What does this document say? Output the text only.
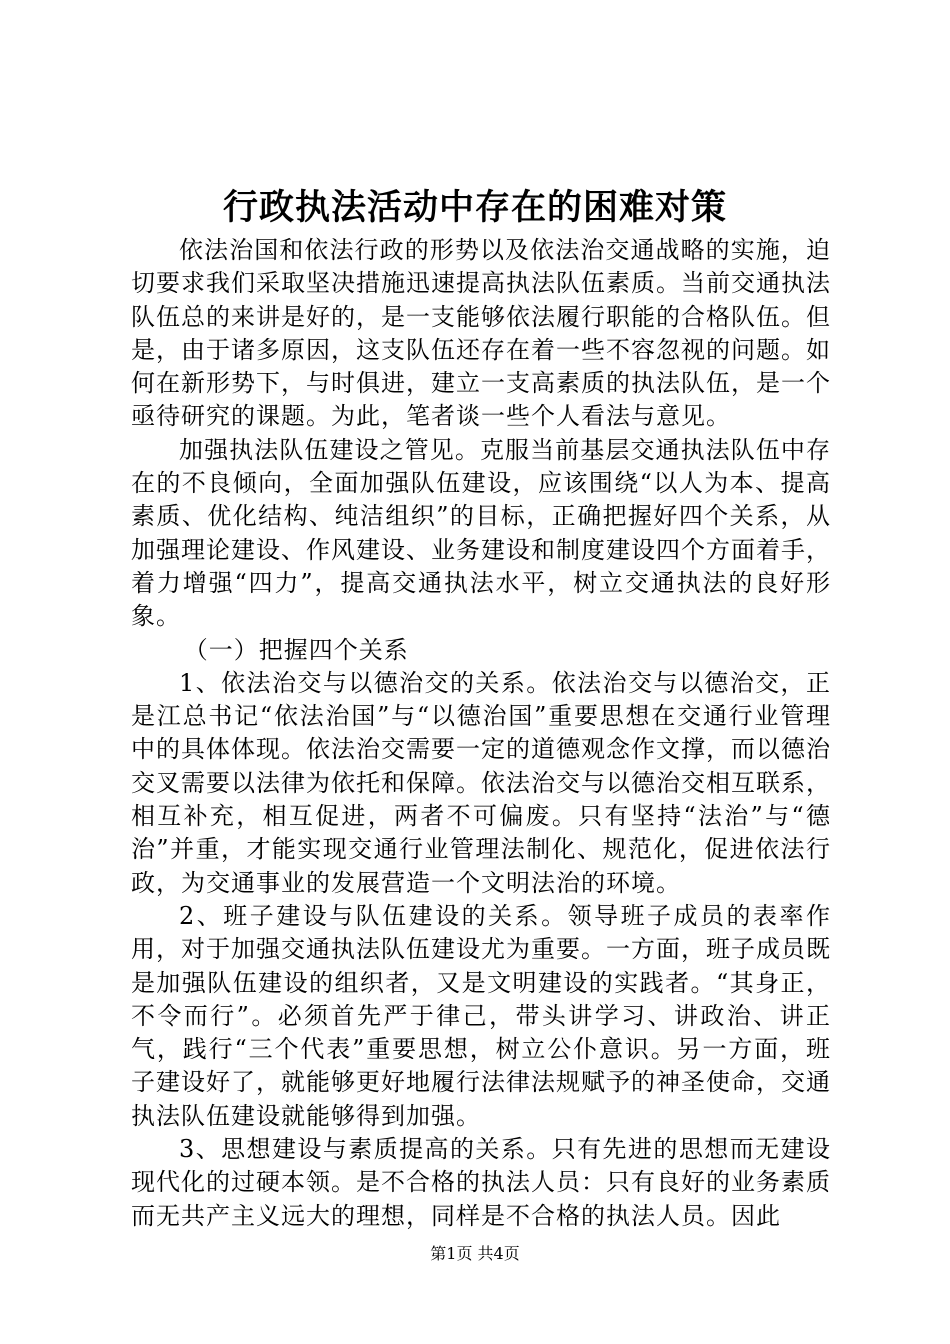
行政执法活动中存在的困难对策

依法治国和依法行政的形势以及依法治交通战略的实施，迫切要求我们采取坚决措施迅速提高执法队伍素质。当前交通执法队伍总的来讲是好的，是一支能够依法履行职能的合格队伍。但是，由于诸多原因，这支队伍还存在着一些不容忽视的问题。如何在新形势下，与时俱进，建立一支高素质的执法队伍，是一个亟待研究的课题。为此，笔者谈一些个人看法与意见。

加强执法队伍建设之管见。克服当前基层交通执法队伍中存在的不良倾向，全面加强队伍建设，应该围绕“以人为本、提高素质、优化结构、纯洁组织”的目标，正确把握好四个关系，从加强理论建设、作风建设、业务建设和制度建设四个方面着手，着力增强“四力”，提高交通执法水平，树立交通执法的良好形象。

（一）把握四个关系

1、依法治交与以德治交的关系。依法治交与以德治交，正是江总书记“依法治国”与“以德治国”重要思想在交通行业管理中的具体体现。依法治交需要一定的道德观念作文撑，而以德治交叉需要以法律为依托和保障。依法治交与以德治交相互联系，相互补充，相互促进，两者不可偏废。只有坚持“法治”与“德治”并重，才能实现交通行业管理法制化、规范化，促进依法行政，为交通事业的发展营造一个文明法治的环境。

2、班子建设与队伍建设的关系。领导班子成员的表率作用，对于加强交通执法队伍建设尤为重要。一方面，班子成员既是加强队伍建设的组织者，又是文明建设的实践者。“其身正，不令而行”。必须首先严于律己，带头讲学习、讲政治、讲正气，践行“三个代表”重要思想，树立公仆意识。另一方面，班子建设好了，就能够更好地履行法律法规赋予的神圣使命，交通执法队伍建设就能够得到加强。

3、思想建设与素质提高的关系。只有先进的思想而无建设现代化的过硬本领。是不合格的执法人员：只有良好的业务素质而无共产主义远大的理想，同样是不合格的执法人员。因此

第1页 共4页
